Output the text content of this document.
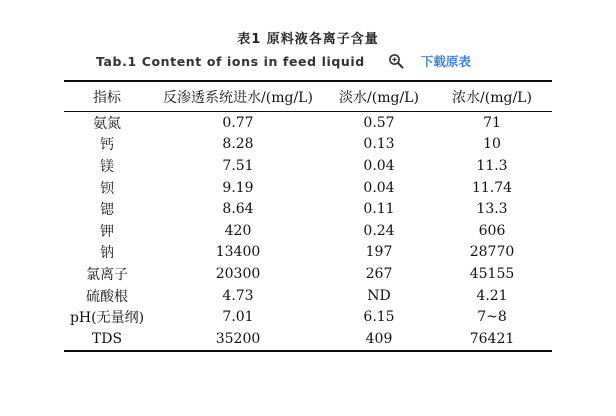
表1 原料液各离子含量
Tab.1 Content of ions in feed liquid	下载原表
指标	反渗透系统进水/(mg/L)	淡水/(mg/L)	浓水/(mg/L)
氨氮	0.77	0.57	71
钙	8.28	0.13	10
镁	7.51	0.04	11.3
钡	9.19	0.04	11.74
锶	8.64	0.11	13.3
钾	420	0.24	606
钠	13400	197	28770
氯离子	20300	267	45155
硫酸根	4.73	ND	4.21
pH(无量纲)	7.01	6.15	7~8
TDS	35200	409	76421
